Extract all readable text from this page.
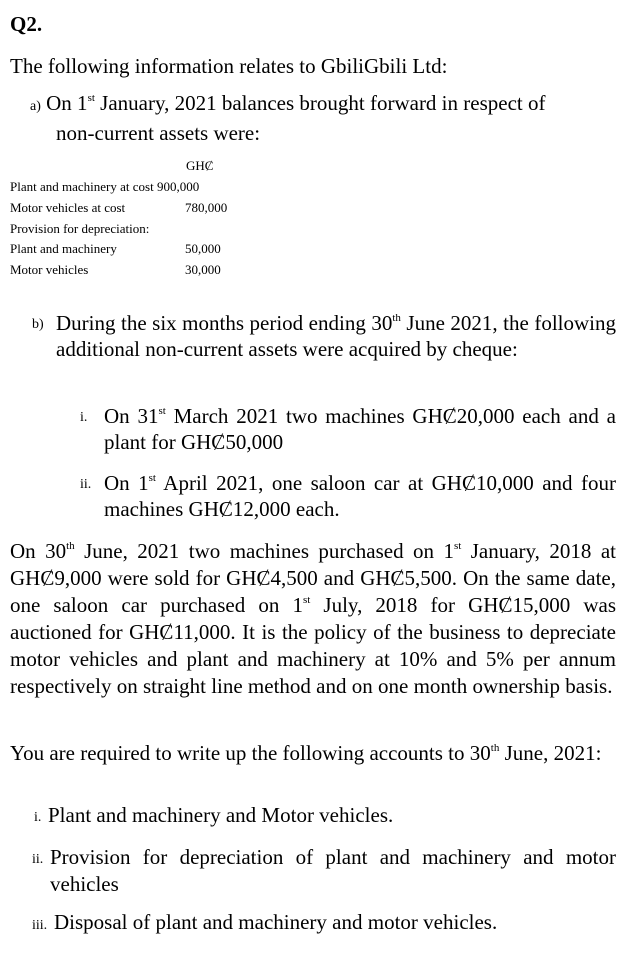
Q2.
The following information relates to GbiliGbili Ltd:
a) On 1st January, 2021 balances brought forward in respect of
non-current assets were:
GHȻ
Plant and machinery at cost 900,000
Motor vehicles at cost	780,000
Provision for depreciation:
Plant and machinery	50,000
Motor vehicles	30,000
b) During the six months period ending 30th June 2021, the following additional non-current assets were acquired by cheque:
i. On 31st March 2021 two machines GHȻ20,000 each and a plant for GHȻ50,000
ii. On 1st April 2021, one saloon car at GHȻ10,000 and four machines GHȻ12,000 each.
On 30th June, 2021 two machines purchased on 1st January, 2018 at GHȻ9,000 were sold for GHȻ4,500 and GHȻ5,500. On the same date, one saloon car purchased on 1st July, 2018 for GHȻ15,000 was auctioned for GHȻ11,000. It is the policy of the business to depreciate motor vehicles and plant and machinery at 10% and 5% per annum respectively on straight line method and on one month ownership basis.
You are required to write up the following accounts to 30th June, 2021:
i. Plant and machinery and Motor vehicles.
ii. Provision for depreciation of plant and machinery and motor vehicles
iii. Disposal of plant and machinery and motor vehicles.
